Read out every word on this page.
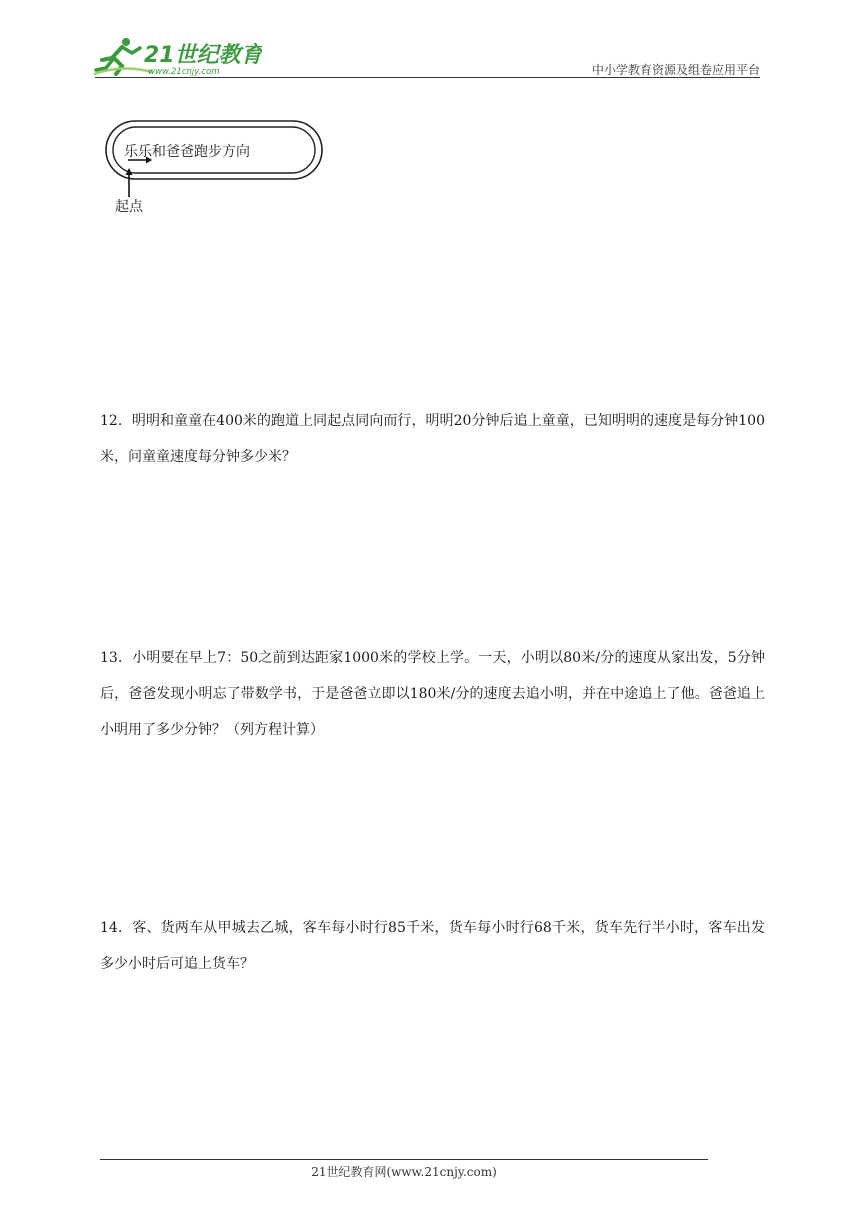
21世纪教育
www.21cnjy.com	中小学教育资源及组卷应用平台
乐乐和爸爸跑步方向
起点
12．明明和童童在400米的跑道上同起点同向而行，明明20分钟后追上童童，已知明明的速度是每分钟100米，问童童速度每分钟多少米？
13．小明要在早上7：50之前到达距家1000米的学校上学。一天，小明以80米/分的速度从家出发，5分钟后，爸爸发现小明忘了带数学书，于是爸爸立即以180米/分的速度去追小明，并在中途追上了他。爸爸追上小明用了多少分钟？（列方程计算）
14．客、货两车从甲城去乙城，客车每小时行85千米，货车每小时行68千米，货车先行半小时，客车出发多少小时后可追上货车？
21世纪教育网(www.21cnjy.com)
